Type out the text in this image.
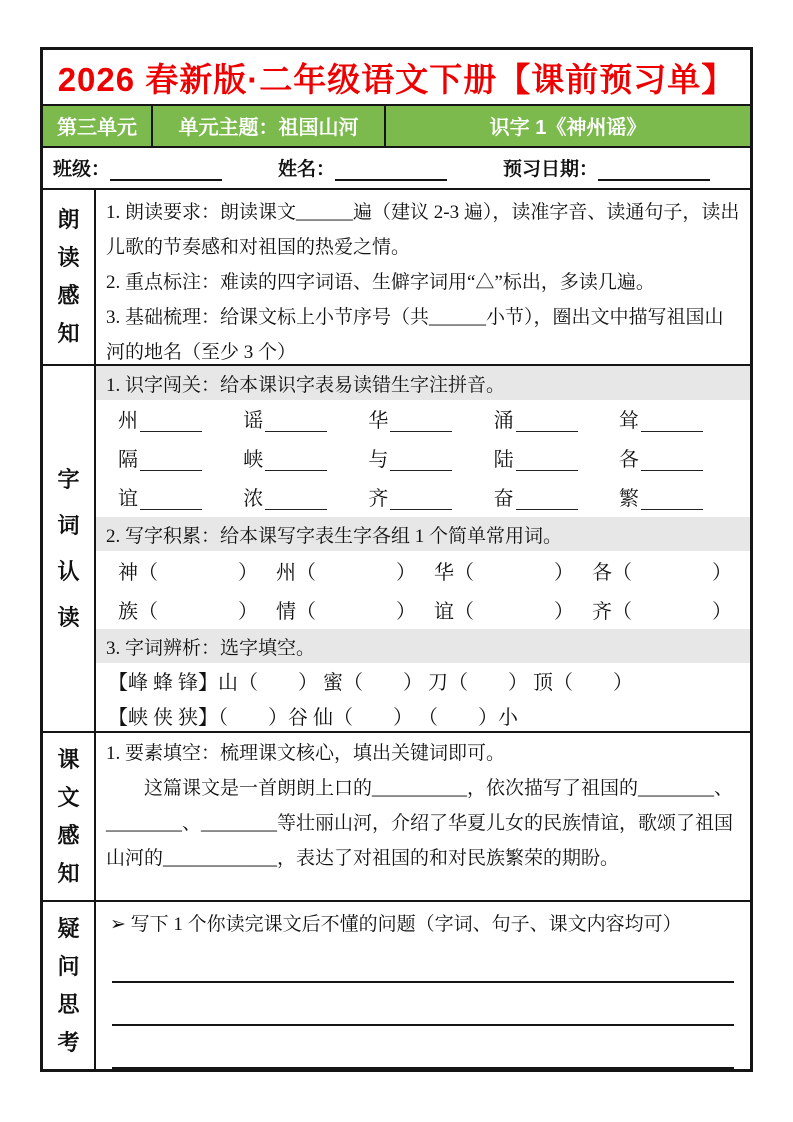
2026 春新版·二年级语文下册【课前预习单】
第三单元	单元主题：祖国山河	识字 1《神州谣》
班级：	姓名：	预习日期：
朗读感知

1. 朗读要求：朗读课文______遍（建议 2-3 遍），读准字音、读通句子，读出儿歌的节奏感和对祖国的热爱之情。

2. 重点标注：难读的四字词语、生僻字词用“△”标出，多读几遍。

3. 基础梳理：给课文标上小节序号（共______小节），圈出文中描写祖国山河的地名（至少 3 个）

字词认读
1. 识字闯关：给本课识字表易读错生字注拼音。
州	谣	华	涌	耸
隔	峡	与	陆	各
谊	浓	齐	奋	繁
2. 写字积累：给本课写字表生字各组 1 个简单常用词。
神（　　　　） 州（　　　　） 华（　　　　） 各（　　　　）
族（　　　　） 情（　　　　） 谊（　　　　） 齐（　　　　）
3. 字词辨析：选字填空。
【峰 蜂 锋】山（　　） 蜜（　　） 刀（　　） 顶（　　）
【峡 侠 狭】（　　）谷 仙（　　） （　　）小
课文感知

1. 要素填空：梳理课文核心，填出关键词即可。

这篇课文是一首朗朗上口的__________，依次描写了祖国的________、________、________等壮丽山河，介绍了华夏儿女的民族情谊，歌颂了祖国山河的____________，表达了对祖国的和对民族繁荣的期盼。

疑问思考

➢ 写下 1 个你读完课文后不懂的问题（字词、句子、课文内容均可）
